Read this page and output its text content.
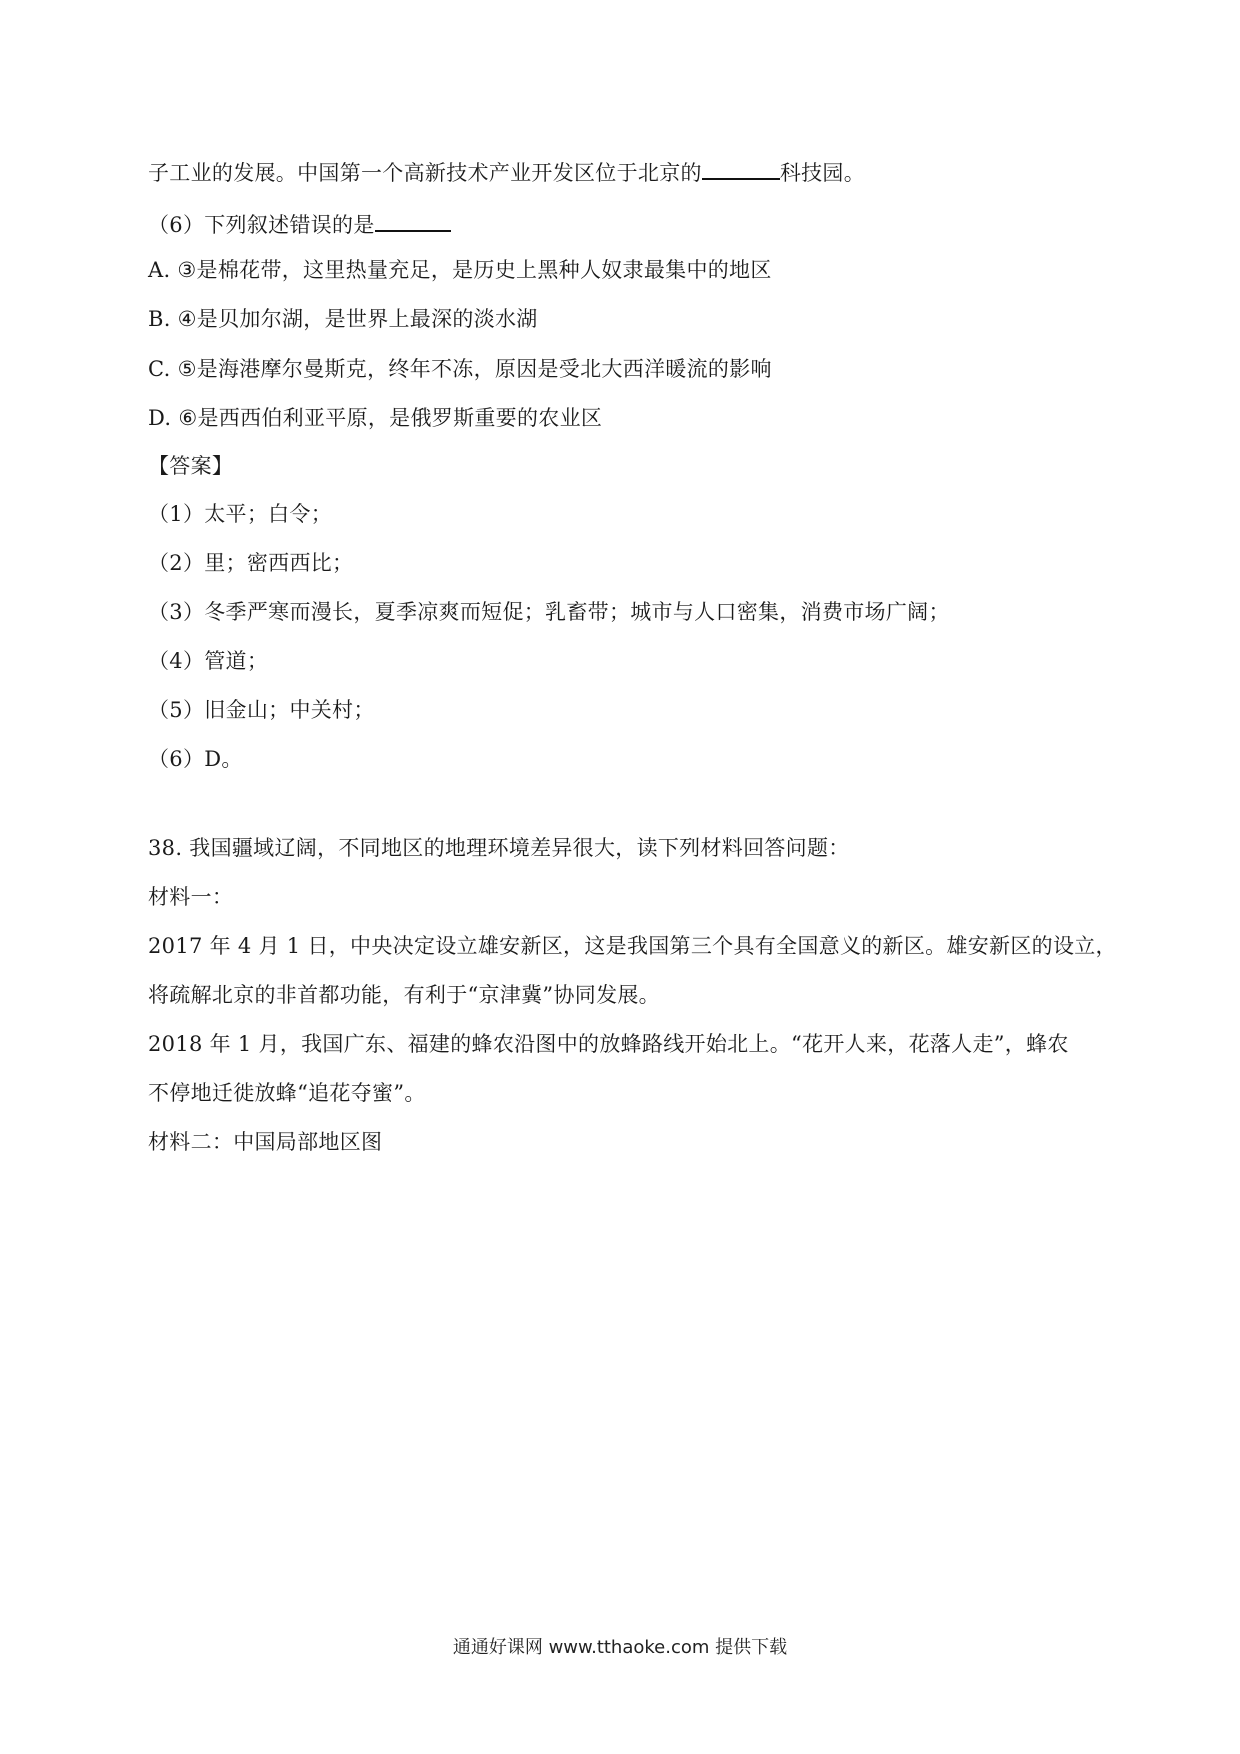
子工业的发展。中国第一个高新技术产业开发区位于北京的	科技园。
（6）下列叙述错误的是
A. ③是棉花带，这里热量充足，是历史上黑种人奴隶最集中的地区
B. ④是贝加尔湖，是世界上最深的淡水湖
C. ⑤是海港摩尔曼斯克，终年不冻，原因是受北大西洋暖流的影响
D. ⑥是西西伯利亚平原，是俄罗斯重要的农业区
【答案】
（1）太平；白令；
（2）里；密西西比；
（3）冬季严寒而漫长，夏季凉爽而短促；乳畜带；城市与人口密集，消费市场广阔；
（4）管道；
（5）旧金山；中关村；
（6）D。
38. 我国疆域辽阔，不同地区的地理环境差异很大，读下列材料回答问题：
材料一：
2017 年 4 月 1 日，中央决定设立雄安新区，这是我国第三个具有全国意义的新区。雄安新区的设立，
将疏解北京的非首都功能，有利于“京津冀”协同发展。
2018 年 1 月，我国广东、福建的蜂农沿图中的放蜂路线开始北上。“花开人来，花落人走”，蜂农
不停地迁徙放蜂“追花夺蜜”。
材料二：中国局部地区图
通通好课网 www.tthaoke.com 提供下载
